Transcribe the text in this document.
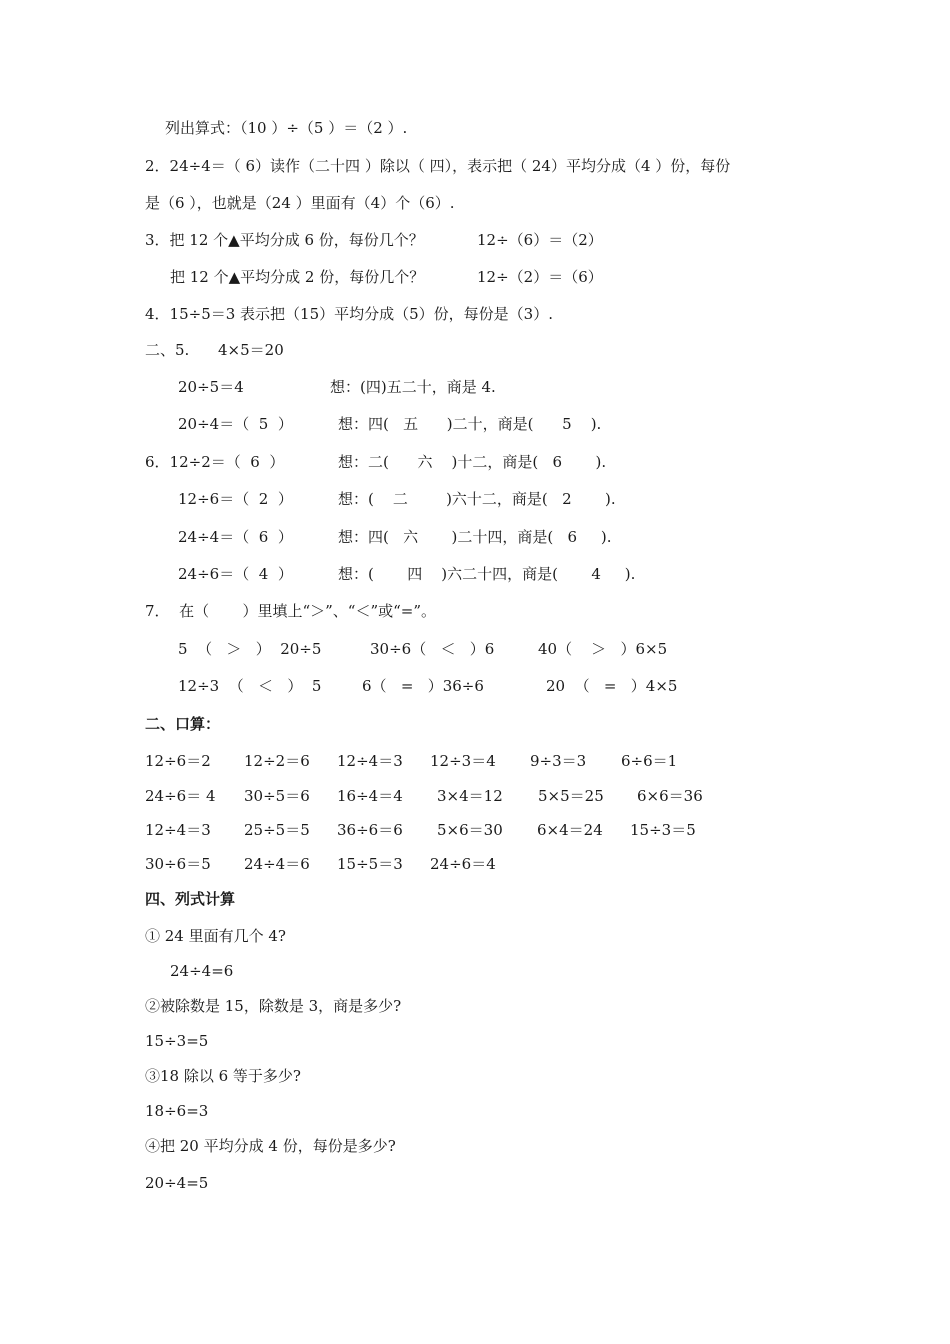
列出算式：（10 ）÷（5 ）＝（2 ）.
2．24÷4＝（ 6）读作（二十四 ）除以（ 四），表示把（ 24）平均分成（4 ）份，每份
是（6 ），也就是（24 ）里面有（4）个（6）.
3．把 12 个▲平均分成 6 份，每份几个？	12÷（6）＝（2）
把 12 个▲平均分成 2 份，每份几个？	12÷（2）＝（6）
4．15÷5＝3 表示把（15）平均分成（5）份，每份是（3）.
二、5. 4×5＝20
20÷5＝4	想：(四)五二十，商是 4.
20÷4＝（  5  ）	想：四(   五      )二十，商是(      5    ).
6．12÷2＝（  6  ）	想：二(      六    )十二，商是(   6       ).
12÷6＝（  2  ）	想：(    二        )六十二，商是(   2       ).
24÷4＝（  6  ）	想：四(   六       )二十四，商是(   6     ).
24÷6＝（  4  ）	想：(       四    )六二十四，商是(       4     ).
7．  在（       ）里填上“＞”、“＜”或“=”。
5  （   ＞   ）  20÷5	30÷6（   ＜   ）6	40（    ＞   ）6×5
12÷3  （   ＜   ）  5	6（   =   ）36÷6	20  （   =   ）4×5
二、口算：
12÷6＝2 12÷2＝6 12÷4＝3 12÷3＝4 9÷3＝3 6÷6＝1
24÷6＝ 4 30÷5＝6 16÷4＝4 3×4＝12 5×5＝25 6×6＝36
12÷4＝3 25÷5＝5 36÷6＝6 5×6＝30 6×4＝24 15÷3＝5
30÷6＝5 24÷4＝6 15÷5＝3 24÷6＝4
四、列式计算
① 24 里面有几个 4?
24÷4=6
②被除数是 15，除数是 3，商是多少?
15÷3=5
③18 除以 6 等于多少?
18÷6=3
④把 20 平均分成 4 份，每份是多少?
20÷4=5
